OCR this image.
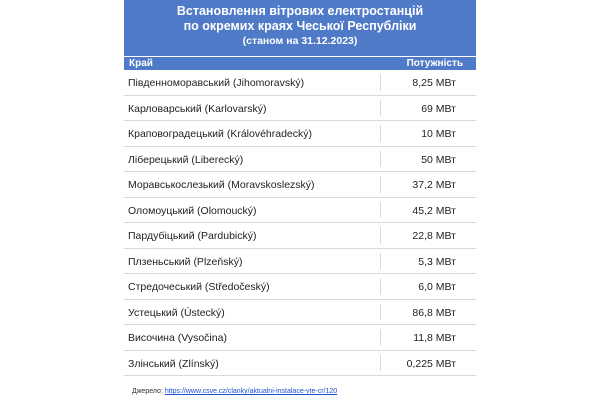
Встановлення вітрових електростанцій
по окремих краях Чеської Республіки
(станом на 31.12.2023)
Край	Потужність
Південноморавський (Jihomoravský)	8,25 МВт
Карловарський (Karlovarský)	69 МВт
Краповоградецький (Královéhradecký)	10 МВт
Ліберецький (Liberecký)	50 МВт
Моравськослезький (Moravskoslezský)	37,2 МВт
Оломоуцький (Olomoucký)	45,2 МВт
Пардубіцький (Pardubický)	22,8 МВт
Плзеньський (Plzeňský)	5,3 МВт
Стредочеський (Středočeský)	6,0 МВт
Устецький (Ústecký)	86,8 МВт
Височина (Vysočina)	11,8 МВт
Злінський (Zlínský)	0,225 МВт
Джерело: https://www.csve.cz/clanky/aktualni-instalace-vte-cr/120
